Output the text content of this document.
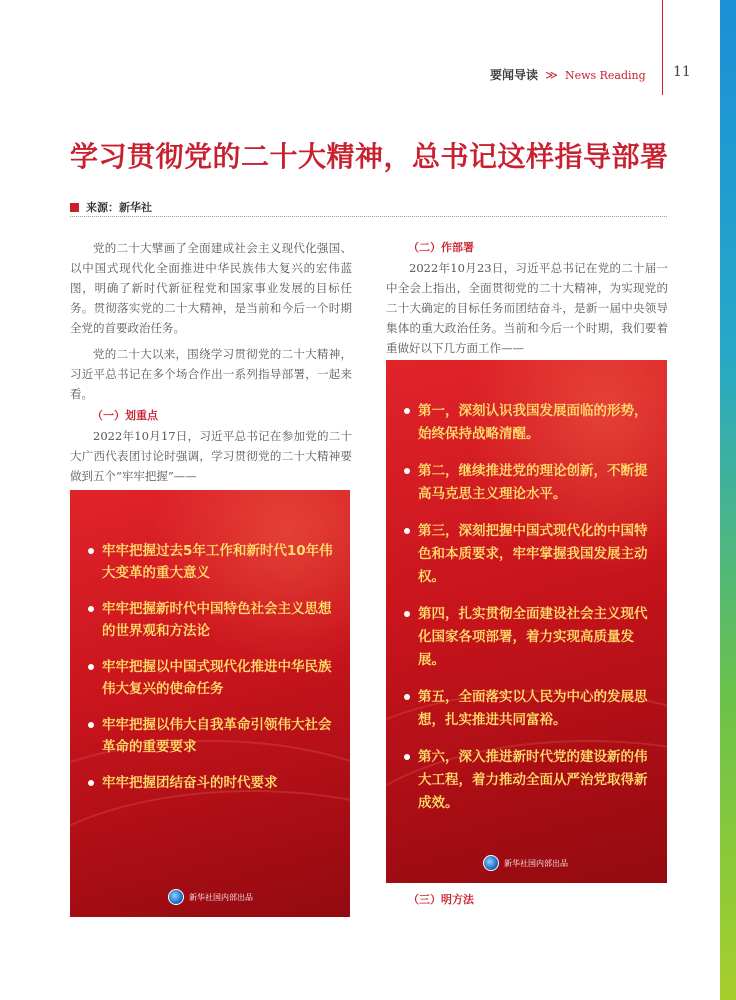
要闻导读 ≫ News Reading	11
学习贯彻党的二十大精神，总书记这样指导部署
来源：新华社

党的二十大擘画了全面建成社会主义现代化强国、以中国式现代化全面推进中华民族伟大复兴的宏伟蓝图，明确了新时代新征程党和国家事业发展的目标任务。贯彻落实党的二十大精神，是当前和今后一个时期全党的首要政治任务。

党的二十大以来，围绕学习贯彻党的二十大精神，习近平总书记在多个场合作出一系列指导部署，一起来看。

（一）划重点

2022年10月17日，习近平总书记在参加党的二十大广西代表团讨论时强调，学习贯彻党的二十大精神要做到五个“牢牢把握”——

（二）作部署

2022年10月23日，习近平总书记在党的二十届一中全会上指出，全面贯彻党的二十大精神，为实现党的二十大确定的目标任务而团结奋斗，是新一届中央领导集体的重大政治任务。当前和今后一个时期，我们要着重做好以下几方面工作——

牢牢把握过去5年工作和新时代10年伟大变革的重大意义
牢牢把握新时代中国特色社会主义思想的世界观和方法论
牢牢把握以中国式现代化推进中华民族伟大复兴的使命任务
牢牢把握以伟大自我革命引领伟大社会革命的重要要求
牢牢把握团结奋斗的时代要求
新华社国内部出品
第一，深刻认识我国发展面临的形势，始终保持战略清醒。
第二，继续推进党的理论创新，不断提高马克思主义理论水平。
第三，深刻把握中国式现代化的中国特色和本质要求，牢牢掌握我国发展主动权。
第四，扎实贯彻全面建设社会主义现代化国家各项部署，着力实现高质量发展。
第五，全面落实以人民为中心的发展思想，扎实推进共同富裕。
第六，深入推进新时代党的建设新的伟大工程，着力推动全面从严治党取得新成效。
新华社国内部出品
（三）明方法
